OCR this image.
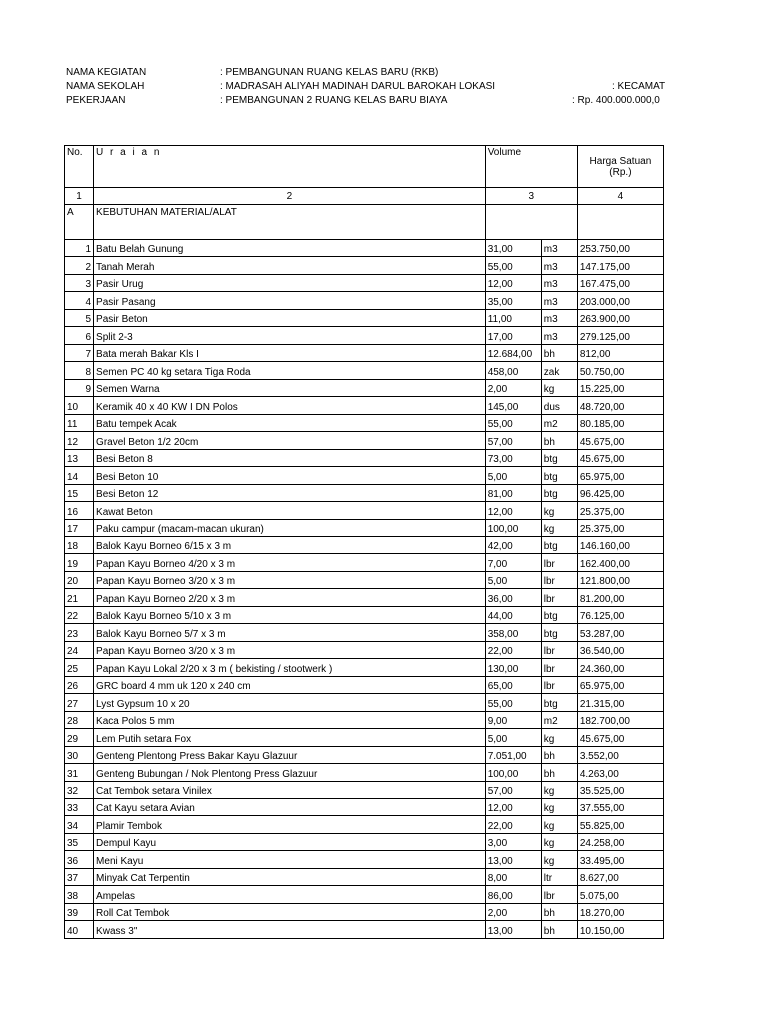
NAMA KEGIATAN	: PEMBANGUNAN RUANG KELAS BARU (RKB)
NAMA SEKOLAH	: MADRASAH ALIYAH MADINAH DARUL BAROKAH LOKASI	: KECAMAT
PEKERJAAN	: PEMBANGUNAN 2 RUANG KELAS BARU BIAYA	: Rp. 400.000.000,0
No.	U r a i a n	Volume		Harga Satuan (Rp.)
1	2	3		4
A	KEBUTUHAN MATERIAL/ALAT			
1	Batu Belah Gunung	31,00	m3	253.750,00
2	Tanah Merah	55,00	m3	147.175,00
3	Pasir Urug	12,00	m3	167.475,00
4	Pasir Pasang	35,00	m3	203.000,00
5	Pasir Beton	11,00	m3	263.900,00
6	Split 2-3	17,00	m3	279.125,00
7	Bata merah Bakar Kls I	12.684,00	bh	812,00
8	Semen PC 40 kg setara Tiga Roda	458,00	zak	50.750,00
9	Semen Warna	2,00	kg	15.225,00
10	Keramik 40 x 40 KW I DN Polos	145,00	dus	48.720,00
11	Batu tempek Acak	55,00	m2	80.185,00
12	Gravel Beton 1/2 20cm	57,00	bh	45.675,00
13	Besi Beton 8	73,00	btg	45.675,00
14	Besi Beton 10	5,00	btg	65.975,00
15	Besi Beton 12	81,00	btg	96.425,00
16	Kawat Beton	12,00	kg	25.375,00
17	Paku campur (macam-macan ukuran)	100,00	kg	25.375,00
18	Balok Kayu Borneo 6/15 x 3 m	42,00	btg	146.160,00
19	Papan Kayu Borneo 4/20 x 3 m	7,00	lbr	162.400,00
20	Papan Kayu Borneo 3/20 x 3 m	5,00	lbr	121.800,00
21	Papan Kayu Borneo 2/20 x 3 m	36,00	lbr	81.200,00
22	Balok Kayu Borneo 5/10 x 3 m	44,00	btg	76.125,00
23	Balok Kayu Borneo 5/7 x 3 m	358,00	btg	53.287,00
24	Papan Kayu Borneo 3/20 x 3 m	22,00	lbr	36.540,00
25	Papan Kayu Lokal 2/20 x 3 m ( bekisting / stootwerk )	130,00	lbr	24.360,00
26	GRC board 4 mm uk 120 x 240 cm	65,00	lbr	65.975,00
27	Lyst Gypsum 10 x 20	55,00	btg	21.315,00
28	Kaca Polos 5 mm	9,00	m2	182.700,00
29	Lem Putih setara Fox	5,00	kg	45.675,00
30	Genteng Plentong Press Bakar Kayu Glazuur	7.051,00	bh	3.552,00
31	Genteng Bubungan / Nok Plentong Press Glazuur	100,00	bh	4.263,00
32	Cat Tembok setara Vinilex	57,00	kg	35.525,00
33	Cat Kayu setara Avian	12,00	kg	37.555,00
34	Plamir Tembok	22,00	kg	55.825,00
35	Dempul Kayu	3,00	kg	24.258,00
36	Meni Kayu	13,00	kg	33.495,00
37	Minyak Cat Terpentin	8,00	ltr	8.627,00
38	Ampelas	86,00	lbr	5.075,00
39	Roll Cat Tembok	2,00	bh	18.270,00
40	Kwass 3"	13,00	bh	10.150,00
